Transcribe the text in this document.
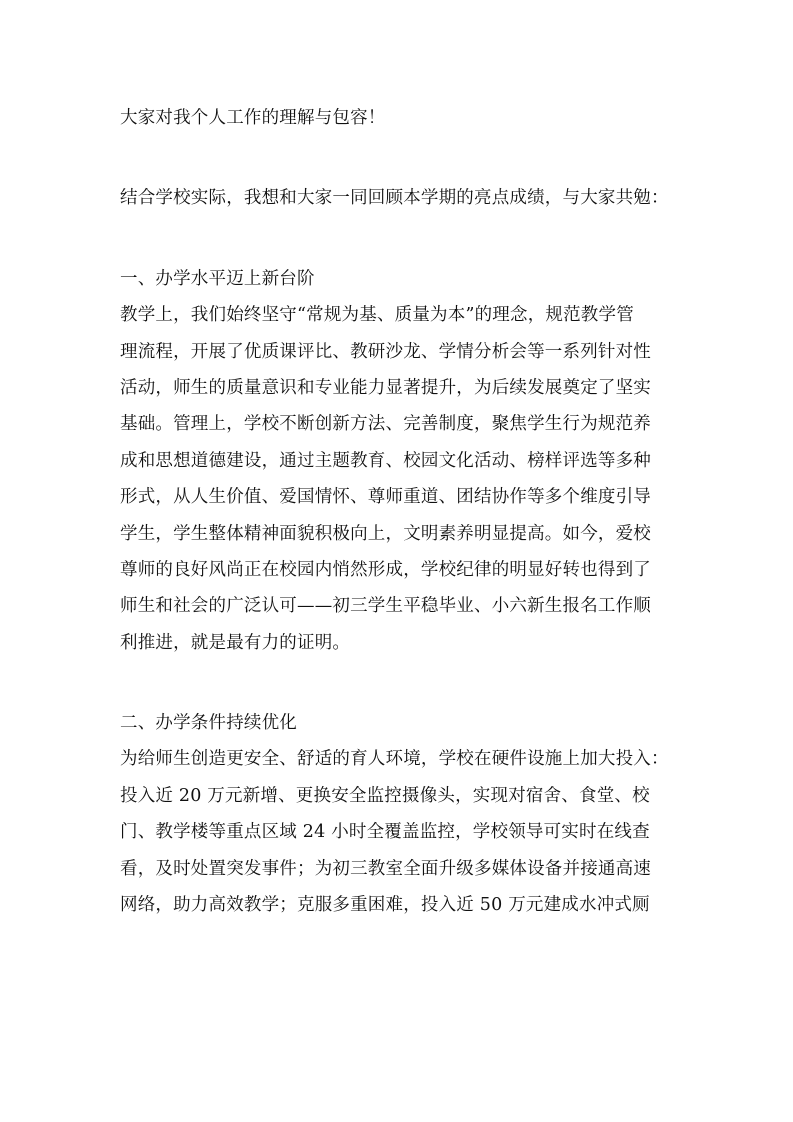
大家对我个人工作的理解与包容！
结合学校实际，我想和大家一同回顾本学期的亮点成绩，与大家共勉：
一、办学水平迈上新台阶
教学上，我们始终坚守“常规为基、质量为本”的理念，规范教学管
理流程，开展了优质课评比、教研沙龙、学情分析会等一系列针对性
活动，师生的质量意识和专业能力显著提升，为后续发展奠定了坚实
基础。管理上，学校不断创新方法、完善制度，聚焦学生行为规范养
成和思想道德建设，通过主题教育、校园文化活动、榜样评选等多种
形式，从人生价值、爱国情怀、尊师重道、团结协作等多个维度引导
学生，学生整体精神面貌积极向上，文明素养明显提高。如今，爱校
尊师的良好风尚正在校园内悄然形成，学校纪律的明显好转也得到了
师生和社会的广泛认可——初三学生平稳毕业、小六新生报名工作顺
利推进，就是最有力的证明。
二、办学条件持续优化
为给师生创造更安全、舒适的育人环境，学校在硬件设施上加大投入：
投入近 20 万元新增、更换安全监控摄像头，实现对宿舍、食堂、校
门、教学楼等重点区域 24 小时全覆盖监控，学校领导可实时在线查
看，及时处置突发事件；为初三教室全面升级多媒体设备并接通高速
网络，助力高效教学；克服多重困难，投入近 50 万元建成水冲式厕
